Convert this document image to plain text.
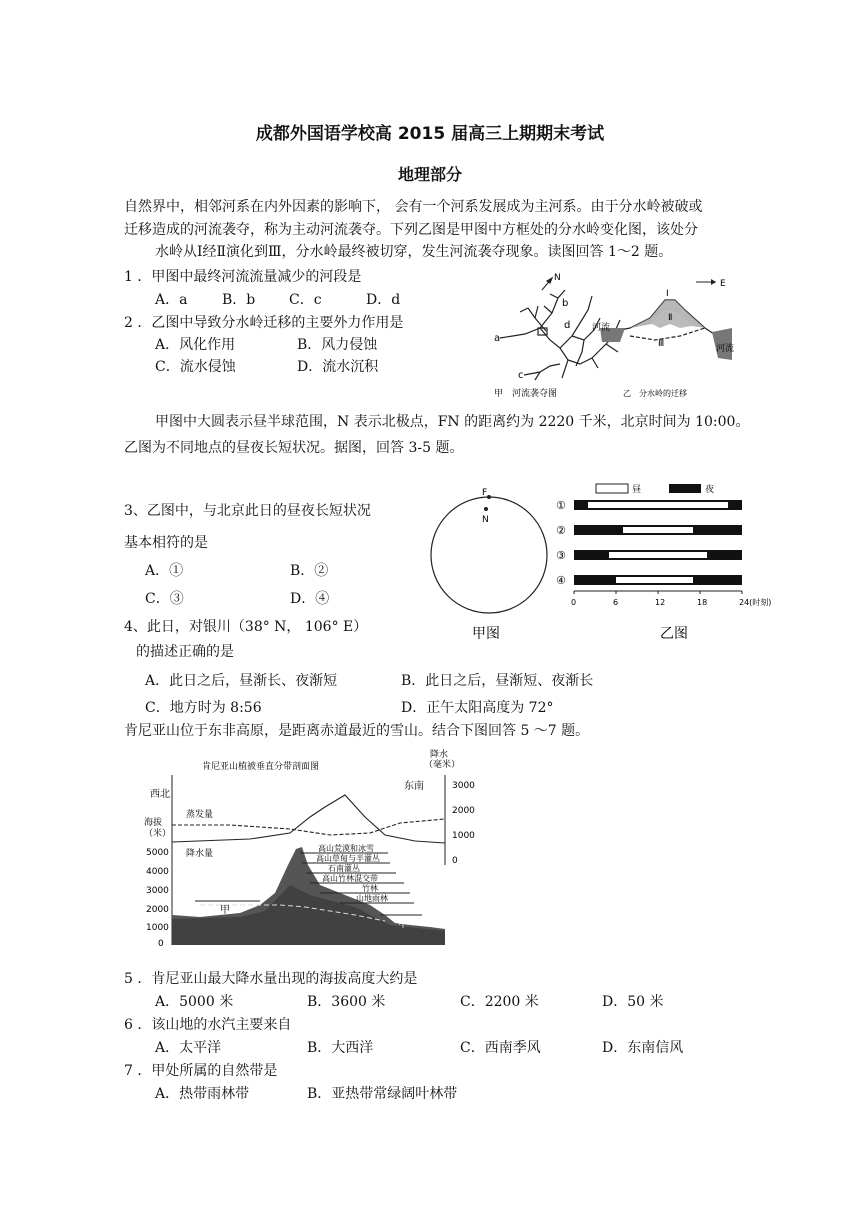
成都外国语学校高 2015 届高三上期期末考试
地理部分
自然界中，相邻河系在内外因素的影响下， 会有一个河系发展成为主河系。由于分水岭被破或
迁移造成的河流袭夺，称为主动河流袭夺。下列乙图是甲图中方框处的分水岭变化图，该处分
水岭从Ⅰ经Ⅱ演化到Ⅲ，分水岭最终被切穿，发生河流袭夺现象。读图回答 1～2 题。
1 ．甲图中最终河流流量减少的河段是
A．a B．b C．c	D．d
2 ．乙图中导致分水岭迁移的主要外力作用是
A．风化作用	B．风力侵蚀
C．流水侵蚀	D．流水沉积
N
a
b
c
d
甲　河流袭夺图
E
Ⅰ
Ⅱ
Ⅲ
河流
河流
乙　分水岭的迁移
甲图中大圆表示昼半球范围，N 表示北极点，FN 的距离约为 2220 千米，北京时间为 10:00。
乙图为不同地点的昼夜长短状况。据图，回答 3-5 题。
3、乙图中，与北京此日的昼夜长短状况
基本相符的是
A．①	B．②
C．③	D．④
4、此日，对银川（38° N， 106° E）
的描述正确的是
A．此日之后，昼渐长、夜渐短	B．此日之后，昼渐短、夜渐长
C．地方时为 8:56	D．正午太阳高度为 72°
F
N
甲图
昼	夜
①
②
③
④
0	6	12	18	24(时刻)
乙图
肯尼亚山位于东非高原，是距离赤道最近的雪山。结合下图回答 5 ～7 题。
肯尼亚山植被垂直分带剖面图
西北
东南
降水
（毫米）
海拔
（米）
蒸发量
降水量
5000
4000
3000
2000
1000
0
3000
2000
1000
0
高山荒漠和冰雪
高山草甸与半灌丛
石南灌丛
高山竹林混交带
竹林
山地雨林
甲
甲
5 ．肯尼亚山最大降水量出现的海拔高度大约是
A．5000 米	B．3600 米	C．2200 米	D．50 米
6 ．该山地的水汽主要来自
A．太平洋	B．大西洋	C．西南季风	D．东南信风
7 ．甲处所属的自然带是
A．热带雨林带	B．亚热带常绿阔叶林带
